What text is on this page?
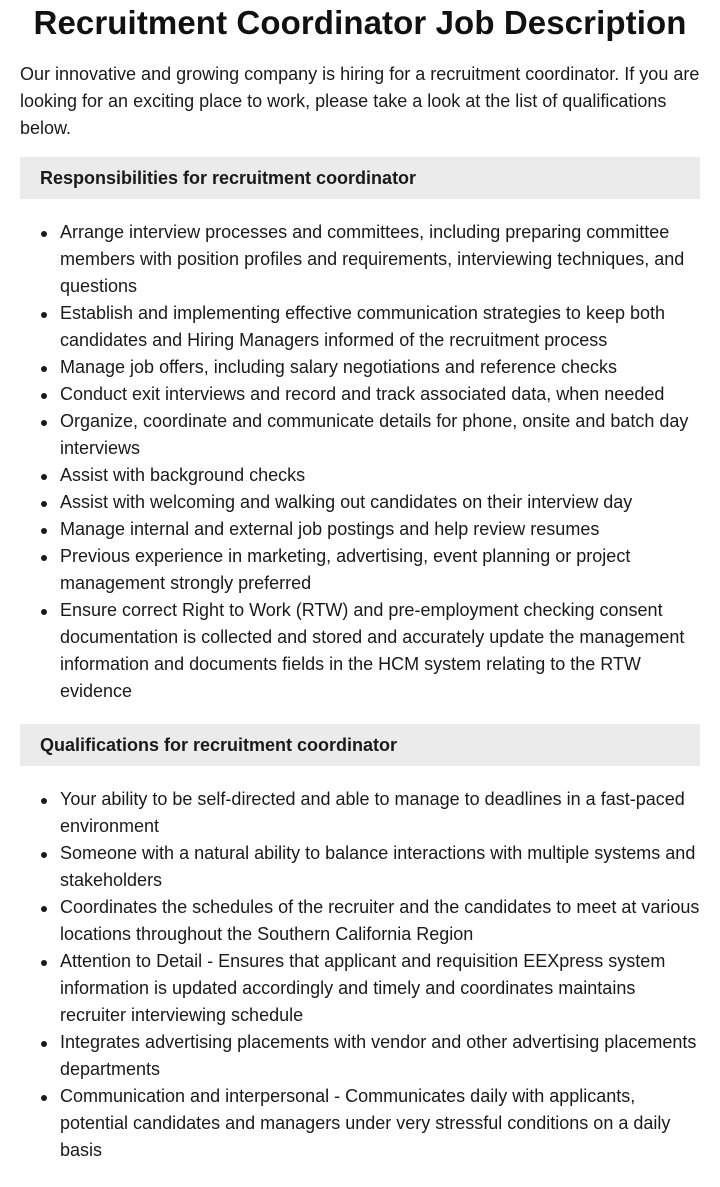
Recruitment Coordinator Job Description

Our innovative and growing company is hiring for a recruitment coordinator. If you are looking for an exciting place to work, please take a look at the list of qualifications below.

Responsibilities for recruitment coordinator
Arrange interview processes and committees, including preparing committee members with position profiles and requirements, interviewing techniques, and questions
Establish and implementing effective communication strategies to keep both candidates and Hiring Managers informed of the recruitment process
Manage job offers, including salary negotiations and reference checks
Conduct exit interviews and record and track associated data, when needed
Organize, coordinate and communicate details for phone, onsite and batch day interviews
Assist with background checks
Assist with welcoming and walking out candidates on their interview day
Manage internal and external job postings and help review resumes
Previous experience in marketing, advertising, event planning or project management strongly preferred
Ensure correct Right to Work (RTW) and pre-employment checking consent documentation is collected and stored and accurately update the management information and documents fields in the HCM system relating to the RTW evidence
Qualifications for recruitment coordinator
Your ability to be self-directed and able to manage to deadlines in a fast-paced environment
Someone with a natural ability to balance interactions with multiple systems and stakeholders
Coordinates the schedules of the recruiter and the candidates to meet at various locations throughout the Southern California Region
Attention to Detail - Ensures that applicant and requisition EEXpress system information is updated accordingly and timely and coordinates maintains recruiter interviewing schedule
Integrates advertising placements with vendor and other advertising placements departments
Communication and interpersonal - Communicates daily with applicants, potential candidates and managers under very stressful conditions on a daily basis
